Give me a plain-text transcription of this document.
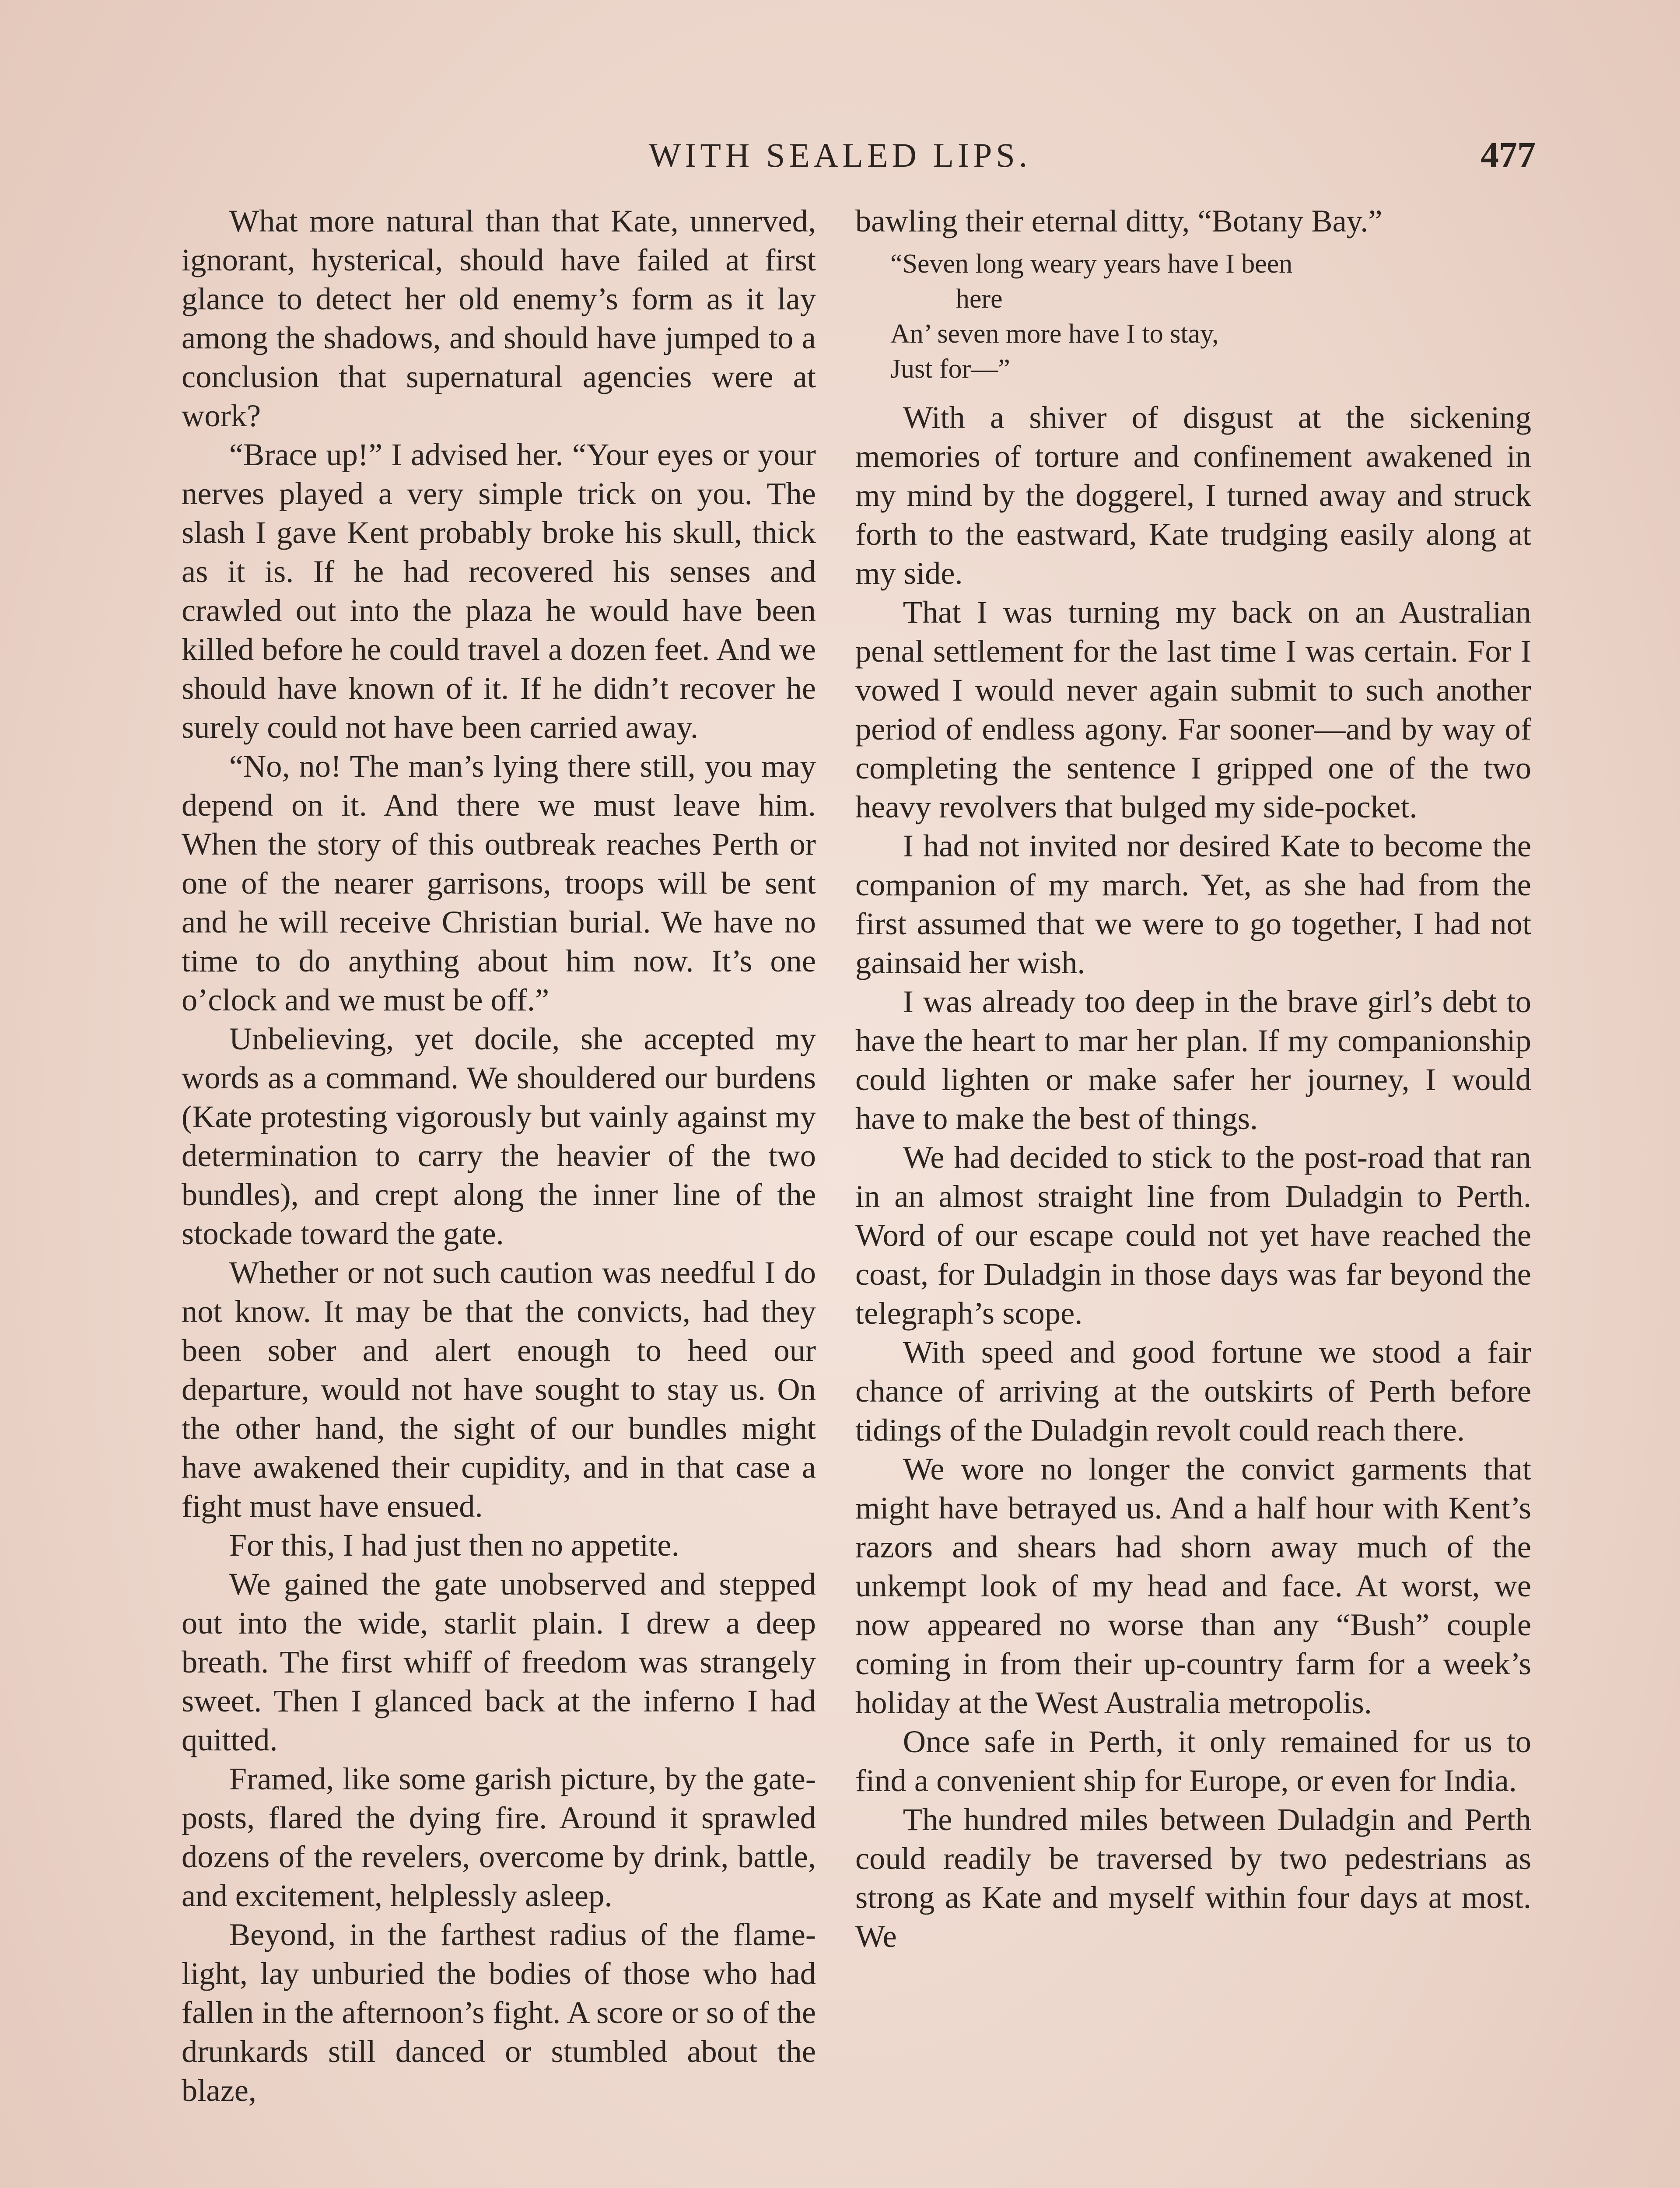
WITH SEALED LIPS.	477

What more natural than that Kate, unnerved, ignorant, hysterical, should have failed at first glance to detect her old enemy’s form as it lay among the shadows, and should have jumped to a conclusion that supernatural agencies were at work?

“Brace up!” I advised her. “Your eyes or your nerves played a very simple trick on you. The slash I gave Kent probably broke his skull, thick as it is. If he had recovered his senses and crawled out into the plaza he would have been killed before he could travel a dozen feet. And we should have known of it. If he didn’t recover he surely could not have been carried away.

“No, no! The man’s lying there still, you may depend on it. And there we must leave him. When the story of this outbreak reaches Perth or one of the nearer garrisons, troops will be sent and he will receive Christian burial. We have no time to do anything about him now. It’s one o’clock and we must be off.”

Unbelieving, yet docile, she accepted my words as a command. We shouldered our burdens (Kate protesting vigorously but vainly against my determination to carry the heavier of the two bundles), and crept along the inner line of the stockade toward the gate.

Whether or not such caution was needful I do not know. It may be that the convicts, had they been sober and alert enough to heed our departure, would not have sought to stay us. On the other hand, the sight of our bundles might have awakened their cupidity, and in that case a fight must have ensued.

For this, I had just then no appetite.

We gained the gate unobserved and stepped out into the wide, starlit plain. I drew a deep breath. The first whiff of freedom was strangely sweet. Then I glanced back at the inferno I had quitted.

Framed, like some garish picture, by the gate-posts, flared the dying fire. Around it sprawled dozens of the revelers, overcome by drink, battle, and excitement, helplessly asleep.

Beyond, in the farthest radius of the flame-light, lay unburied the bodies of those who had fallen in the afternoon’s fight. A score or so of the drunkards still danced or stumbled about the blaze,

bawling their eternal ditty, “Botany Bay.”

“Seven long weary years have I been
here
An’ seven more have I to stay,
Just for—”

With a shiver of disgust at the sickening memories of torture and confinement awakened in my mind by the doggerel, I turned away and struck forth to the eastward, Kate trudging easily along at my side.

That I was turning my back on an Australian penal settlement for the last time I was certain. For I vowed I would never again submit to such another period of endless agony. Far sooner—and by way of completing the sentence I gripped one of the two heavy revolvers that bulged my side-pocket.

I had not invited nor desired Kate to become the companion of my march. Yet, as she had from the first assumed that we were to go together, I had not gainsaid her wish.

I was already too deep in the brave girl’s debt to have the heart to mar her plan. If my companionship could lighten or make safer her journey, I would have to make the best of things.

We had decided to stick to the post-road that ran in an almost straight line from Duladgin to Perth. Word of our escape could not yet have reached the coast, for Duladgin in those days was far beyond the telegraph’s scope.

With speed and good fortune we stood a fair chance of arriving at the outskirts of Perth before tidings of the Duladgin revolt could reach there.

We wore no longer the convict garments that might have betrayed us. And a half hour with Kent’s razors and shears had shorn away much of the unkempt look of my head and face. At worst, we now appeared no worse than any “Bush” couple coming in from their up-country farm for a week’s holiday at the West Australia metropolis.

Once safe in Perth, it only remained for us to find a convenient ship for Europe, or even for India.

The hundred miles between Duladgin and Perth could readily be traversed by two pedestrians as strong as Kate and myself within four days at most. We
